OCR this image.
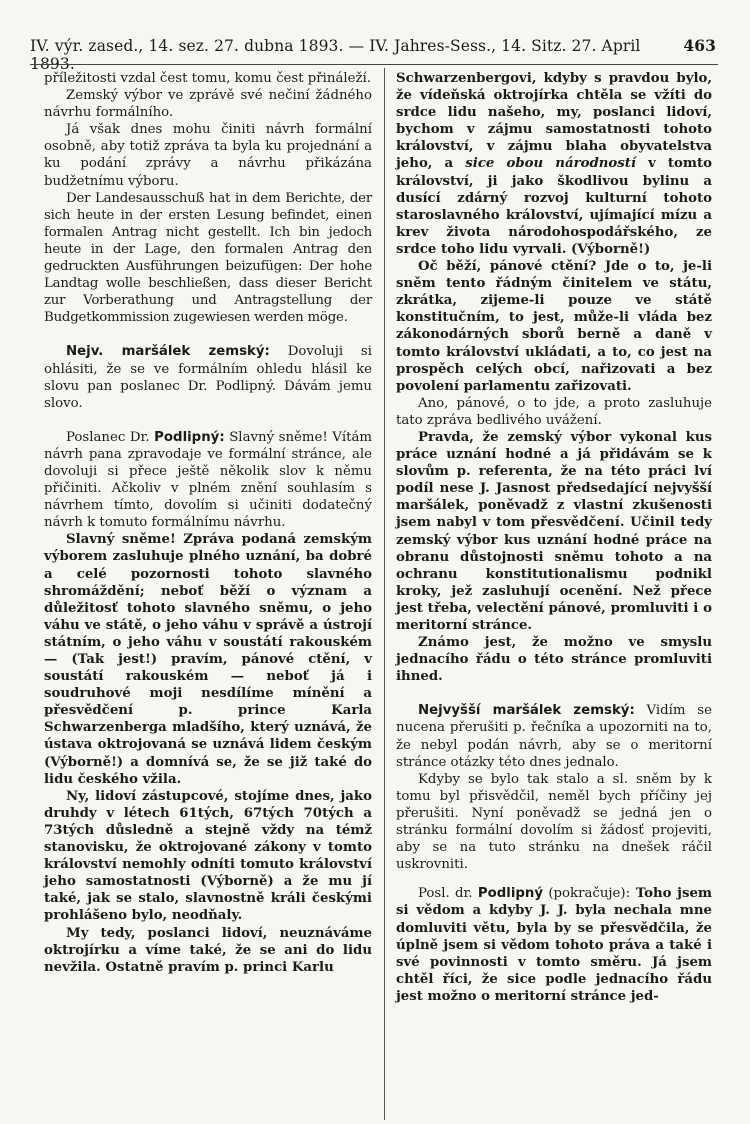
IV. výr. zased., 14. sez. 27. dubna 1893. — IV. Jahres-Sess., 14. Sitz. 27. April 1893.
463

příležitosti vzdal čest tomu, komu čest přináleží.

Zemský výbor ve zprávě své nečiní žádného návrhu formálního.

Já však dnes mohu činiti návrh formální osobně, aby totiž zpráva ta byla ku projednání a ku podání zprávy a návrhu přikázána budžetnímu výboru.

Der Landesausschuß hat in dem Berichte, der sich heute in der ersten Lesung befindet, einen formalen Antrag nicht gestellt. Ich bin jedoch heute in der Lage, den formalen Antrag den gedruckten Ausführungen beizufügen: Der hohe Landtag wolle beschließen, dass dieser Bericht zur Vorberathung und Antragstellung der Budgetkommission zugewiesen werden möge.

Nejv. maršálek zemský: Dovoluji si ohlásiti, že se ve formálním ohledu hlásil ke slovu pan poslanec Dr. Podlipný. Dávám jemu slovo.

Poslanec Dr. Podlipný: Slavný sněme! Vítám návrh pana zpravodaje ve formální stránce, ale dovoluji si přece ještě několik slov k němu přičiniti. Ačkoliv v plném znění souhlasím s návrhem tímto, dovolím si učiniti dodatečný návrh k tomuto formálnímu návrhu.

Slavný sněme! Zpráva podaná zemským výborem zasluhuje plného uznání, ba dobré a celé pozornosti tohoto slavného shromáždění; neboť běží o význam a důležitosť tohoto slavného sněmu, o jeho váhu ve státě, o jeho váhu v správě a ústrojí státním, o jeho váhu v soustátí rakouském — (Tak jest!) pravím, pánové ctění, v soustátí rakouském — neboť já i soudruhové moji nesdílíme mínění a přesvědčení p. prince Karla Schwarzenberga mladšího, který uznává, že ústava oktrojovaná se uznává lidem českým (Výborně!) a domnívá se, že se již také do lidu českého vžila.

Ny, lidoví zástupcové, stojíme dnes, jako druhdy v létech 61tých, 67tých 70tých a 73tých důsledně a stejně vždy na témž stanovisku, že oktrojované zákony v tomto království nemohly odníti tomuto království jeho samostatnosti (Výborně) a že mu jí také, jak se stalo, slavnostně králi českými prohlášeno bylo, neodňaly.

My tedy, poslanci lidoví, neuznáváme oktrojírku a víme také, že se ani do lidu nevžila. Ostatně pravím p. princi Karlu

Schwarzenbergovi, kdyby s pravdou bylo, že vídeňská oktrojírka chtěla se vžíti do srdce lidu našeho, my, poslanci lidoví, bychom v zájmu samostatnosti tohoto království, v zájmu blaha obyvatelstva jeho, a sice obou národností v tomto království, ji jako škodlivou bylinu a dusící zdárný rozvoj kulturní tohoto staroslavného království, ujímající mízu a krev života národohospodářského, ze srdce toho lidu vyrvali. (Výborně!)

Oč běží, pánové ctění? Jde o to, je-li sněm tento řádným činitelem ve státu, zkrátka, zijeme-li pouze ve státě konstitučním, to jest, může-li vláda bez zákonodárných sborů berně a daně v tomto království ukládati, a to, co jest na prospěch celých obcí, nařizovati a bez povolení parlamentu zařizovati.

Ano, pánové, o to jde, a proto zasluhuje tato zpráva bedlivého uvážení.

Pravda, že zemský výbor vykonal kus práce uznání hodné a já přidávám se k slovům p. referenta, že na této práci lví podíl nese J. Jasnost předsedající nejvyšší maršálek, poněvadž z vlastní zkušenosti jsem nabyl v tom přesvědčení. Učinil tedy zemský výbor kus uznání hodné práce na obranu důstojnosti sněmu tohoto a na ochranu konstitutionalismu podnikl kroky, jež zasluhují ocenění. Než přece jest třeba, velectění pánové, promluviti i o meritorní stránce.

Známo jest, že možno ve smyslu jednacího řádu o této stránce promluviti ihned.

Nejvyšší maršálek zemský: Vidím se nucena přerušiti p. řečníka a upozorniti na to, že nebyl podán návrh, aby se o meritorní stránce otázky této dnes jednalo.

Kdyby se bylo tak stalo a sl. sněm by k tomu byl přisvědčil, neměl bych příčiny jej přerušiti. Nyní poněvadž se jedná jen o stránku formální dovolím si žádosť projeviti, aby se na tuto stránku na dnešek ráčil uskrovniti.

Posl. dr. Podlipný (pokračuje): Toho jsem si vědom a kdyby J. J. byla nechala mne domluviti větu, byla by se přesvědčila, že úplně jsem si vědom tohoto práva a také i své povinnosti v tomto směru. Já jsem chtěl říci, že sice podle jednacího řádu jest možno o meritorní stránce jed-
